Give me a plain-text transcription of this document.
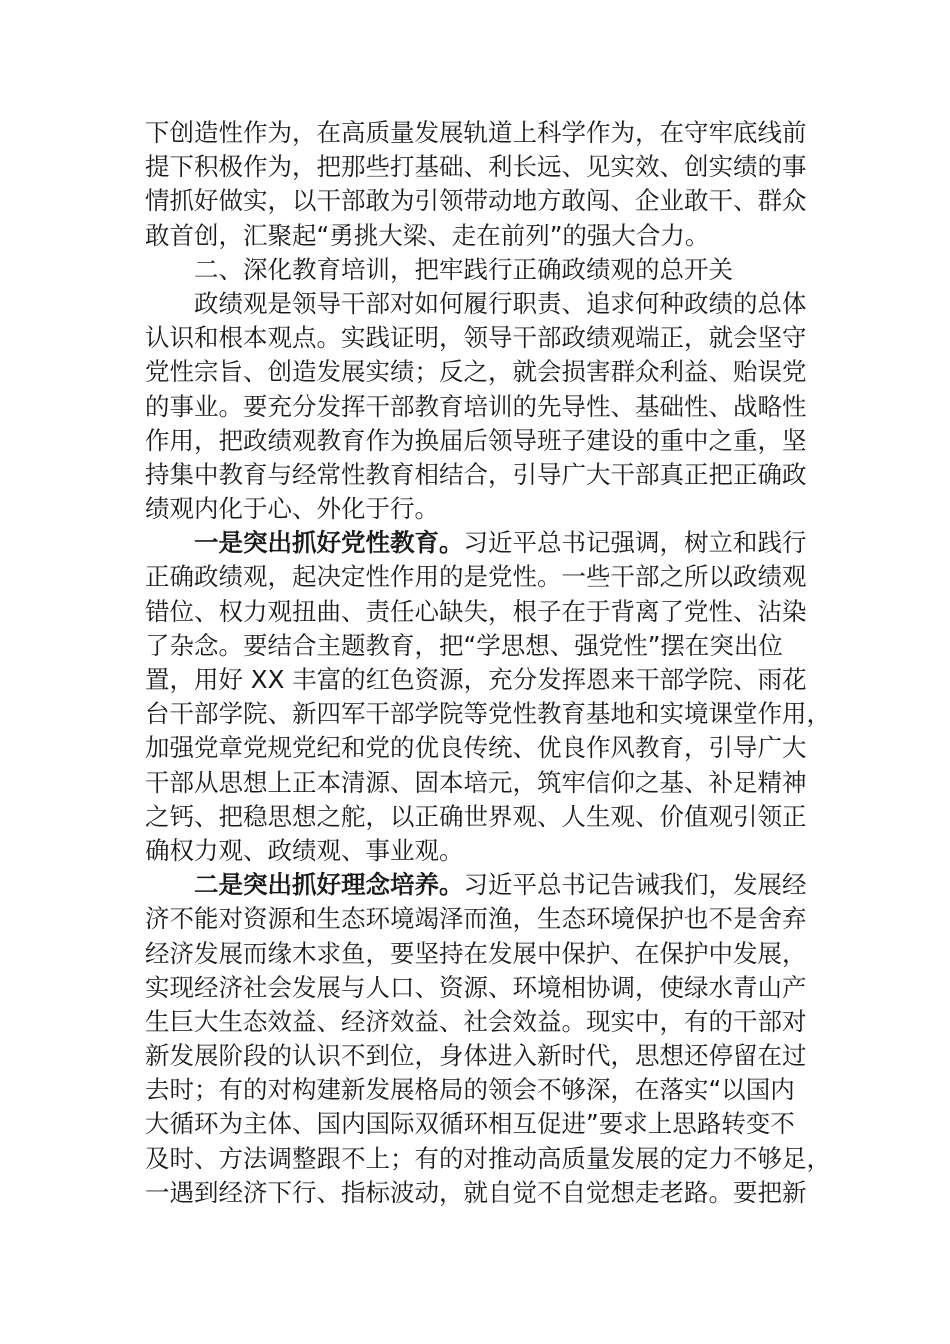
下创造性作为，在高质量发展轨道上科学作为，在守牢底线前
提下积极作为，把那些打基础、利长远、见实效、创实绩的事
情抓好做实，以干部敢为引领带动地方敢闯、企业敢干、群众
敢首创，汇聚起“勇挑大梁、走在前列”的强大合力。
二、深化教育培训，把牢践行正确政绩观的总开关
政绩观是领导干部对如何履行职责、追求何种政绩的总体
认识和根本观点。实践证明，领导干部政绩观端正，就会坚守
党性宗旨、创造发展实绩；反之，就会损害群众利益、贻误党
的事业。要充分发挥干部教育培训的先导性、基础性、战略性
作用，把政绩观教育作为换届后领导班子建设的重中之重，坚
持集中教育与经常性教育相结合，引导广大干部真正把正确政
绩观内化于心、外化于行。
一是突出抓好党性教育。习近平总书记强调，树立和践行
正确政绩观，起决定性作用的是党性。一些干部之所以政绩观
错位、权力观扭曲、责任心缺失，根子在于背离了党性、沾染
了杂念。要结合主题教育，把“学思想、强党性”摆在突出位
置，用好 XX 丰富的红色资源，充分发挥恩来干部学院、雨花
台干部学院、新四军干部学院等党性教育基地和实境课堂作用，
加强党章党规党纪和党的优良传统、优良作风教育，引导广大
干部从思想上正本清源、固本培元，筑牢信仰之基、补足精神
之钙、把稳思想之舵，以正确世界观、人生观、价值观引领正
确权力观、政绩观、事业观。
二是突出抓好理念培养。习近平总书记告诫我们，发展经
济不能对资源和生态环境竭泽而渔，生态环境保护也不是舍弃
经济发展而缘木求鱼，要坚持在发展中保护、在保护中发展，
实现经济社会发展与人口、资源、环境相协调，使绿水青山产
生巨大生态效益、经济效益、社会效益。现实中，有的干部对
新发展阶段的认识不到位，身体进入新时代，思想还停留在过
去时；有的对构建新发展格局的领会不够深，在落实“以国内
大循环为主体、国内国际双循环相互促进”要求上思路转变不
及时、方法调整跟不上；有的对推动高质量发展的定力不够足，
一遇到经济下行、指标波动，就自觉不自觉想走老路。要把新
